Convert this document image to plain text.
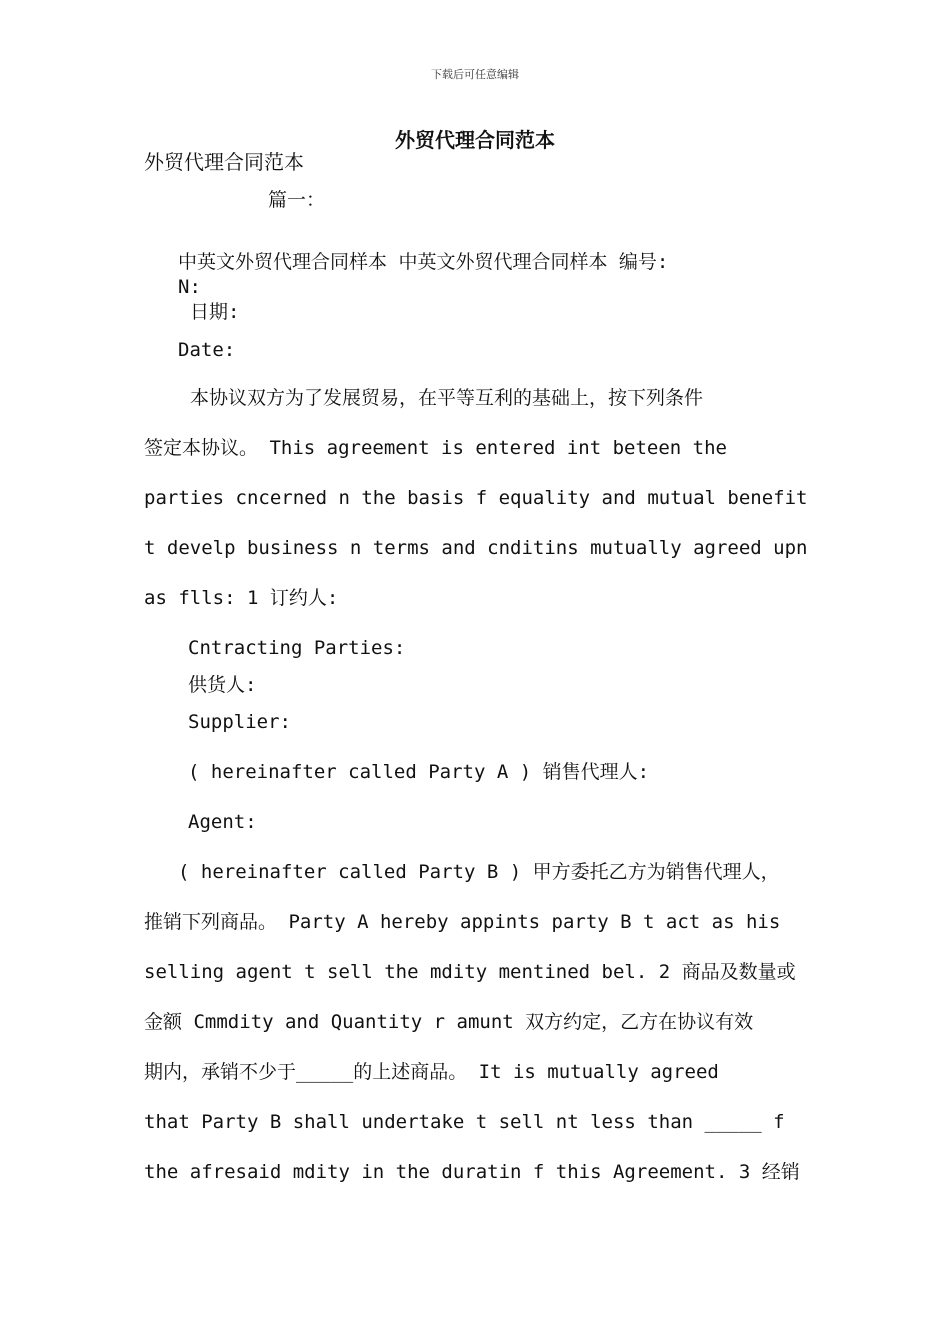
下载后可任意编辑
外贸代理合同范本
外贸代理合同范本
篇一：
中英文外贸代理合同样本 中英文外贸代理合同样本 编号:
N:
日期:
Date:
本协议双方为了发展贸易，在平等互利的基础上，按下列条件
签定本协议。 This agreement is entered int beteen the
parties cncerned n the basis f equality and mutual benefit
t develp business n terms and cnditins mutually agreed upn
as flls: 1 订约人:
Cntracting Parties:
供货人:
Supplier:
( hereinafter called Party A ) 销售代理人:
Agent:
( hereinafter called Party B ) 甲方委托乙方为销售代理人，
推销下列商品。 Party A hereby appints party B t act as his
selling agent t sell the mdity mentined bel. 2 商品及数量或
金额 Cmmdity and Quantity r amunt 双方约定，乙方在协议有效
期内，承销不少于_____的上述商品。 It is mutually agreed
that Party B shall undertake t sell nt less than _____ f
the afresaid mdity in the duratin f this Agreement. 3 经销
